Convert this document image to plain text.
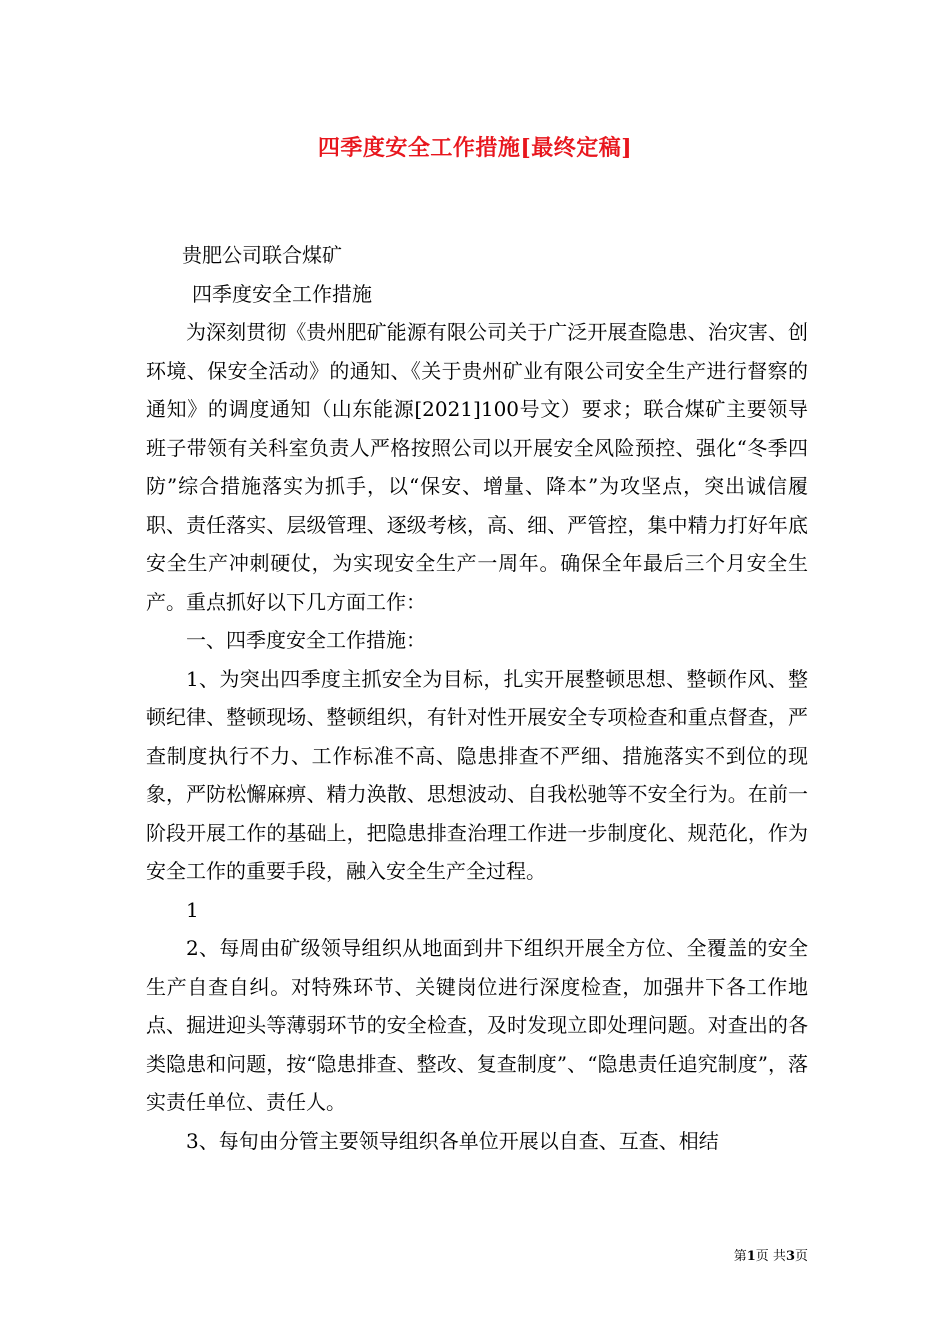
四季度安全工作措施[最终定稿]

贵肥公司联合煤矿

四季度安全工作措施

为深刻贯彻《贵州肥矿能源有限公司关于广泛开展查隐患、治灾害、创环境、保安全活动》的通知、《关于贵州矿业有限公司安全生产进行督察的通知》的调度通知（山东能源[2021]100号文）要求；联合煤矿主要领导班子带领有关科室负责人严格按照公司以开展安全风险预控、强化“冬季四防”综合措施落实为抓手，以“保安、增量、降本”为攻坚点，突出诚信履职、责任落实、层级管理、逐级考核，高、细、严管控，集中精力打好年底安全生产冲刺硬仗，为实现安全生产一周年。确保全年最后三个月安全生产。重点抓好以下几方面工作：

一、四季度安全工作措施：

1、为突出四季度主抓安全为目标，扎实开展整顿思想、整顿作风、整顿纪律、整顿现场、整顿组织，有针对性开展安全专项检查和重点督查，严查制度执行不力、工作标准不高、隐患排查不严细、措施落实不到位的现象，严防松懈麻痹、精力涣散、思想波动、自我松驰等不安全行为。在前一阶段开展工作的基础上，把隐患排查治理工作进一步制度化、规范化，作为安全工作的重要手段，融入安全生产全过程。

1

2、每周由矿级领导组织从地面到井下组织开展全方位、全覆盖的安全生产自查自纠。对特殊环节、关键岗位进行深度检查，加强井下各工作地点、掘进迎头等薄弱环节的安全检查，及时发现立即处理问题。对查出的各类隐患和问题，按“隐患排查、整改、复查制度”、“隐患责任追究制度”，落实责任单位、责任人。

3、每旬由分管主要领导组织各单位开展以自查、互查、相结

第1页 共3页
